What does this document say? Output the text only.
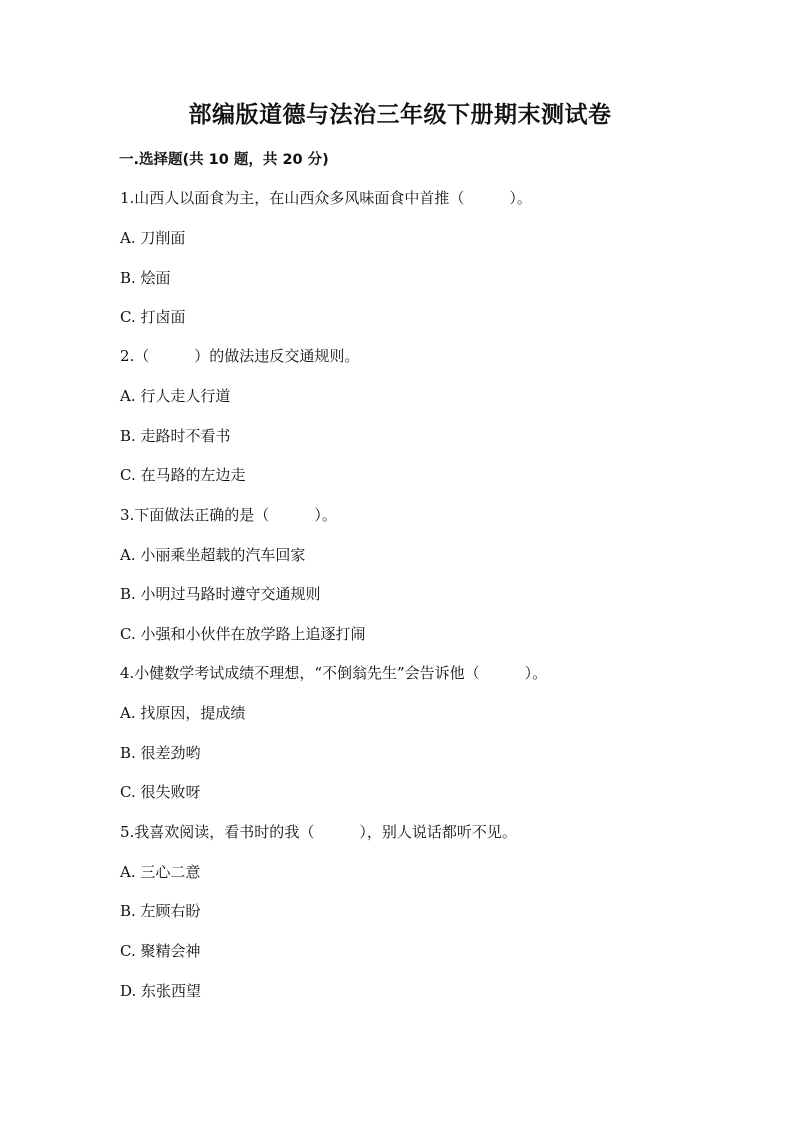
部编版道德与法治三年级下册期末测试卷
一.选择题(共 10 题，共 20 分)
1.山西人以面食为主，在山西众多风味面食中首推（　　　）。
A. 刀削面
B. 烩面
C. 打卤面
2.（　　　）的做法违反交通规则。
A. 行人走人行道
B. 走路时不看书
C. 在马路的左边走
3.下面做法正确的是（　　　）。
A. 小丽乘坐超载的汽车回家
B. 小明过马路时遵守交通规则
C. 小强和小伙伴在放学路上追逐打闹
4.小健数学考试成绩不理想，“不倒翁先生”会告诉他（　　　）。
A. 找原因，提成绩
B. 很差劲哟
C. 很失败呀
5.我喜欢阅读，看书时的我（　　　），别人说话都听不见。
A. 三心二意
B. 左顾右盼
C. 聚精会神
D. 东张西望
